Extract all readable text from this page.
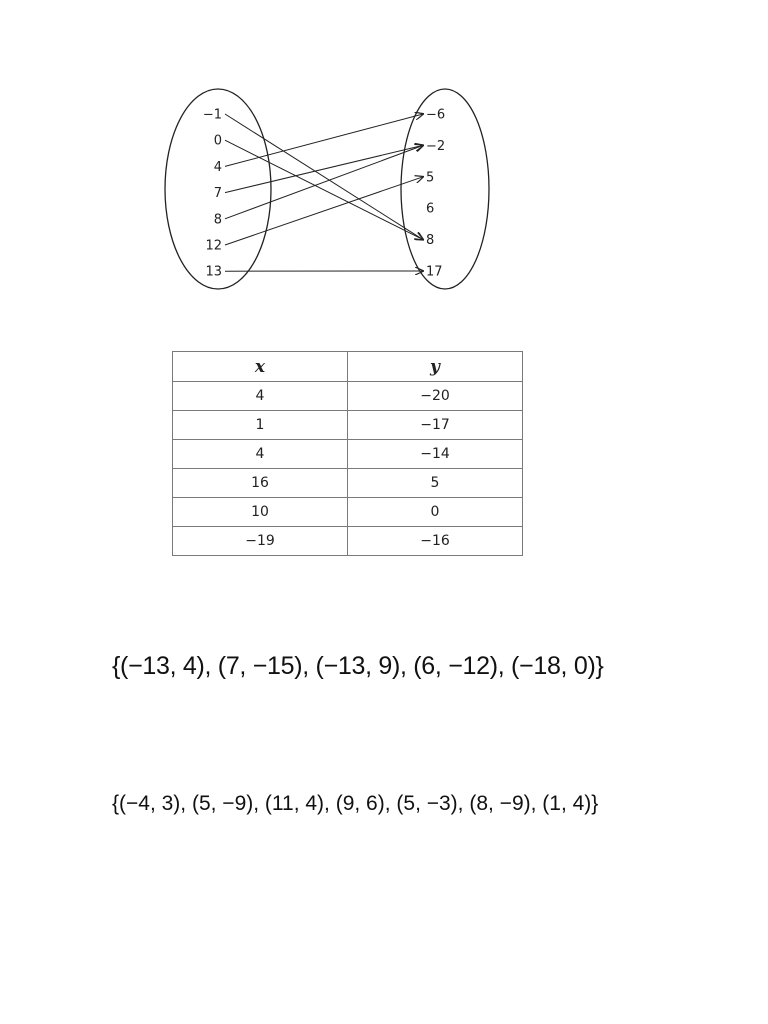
−1
0
4
7
8
12
13
−6
−2
5
6
8
17
x	y
4	−20
1	−17
4	−14
16	5
10	0
−19	−16
{(−13, 4), (7, −15), (−13, 9), (6, −12), (−18, 0)}
{(−4, 3), (5, −9), (11, 4), (9, 6), (5, −3), (8, −9), (1, 4)}
